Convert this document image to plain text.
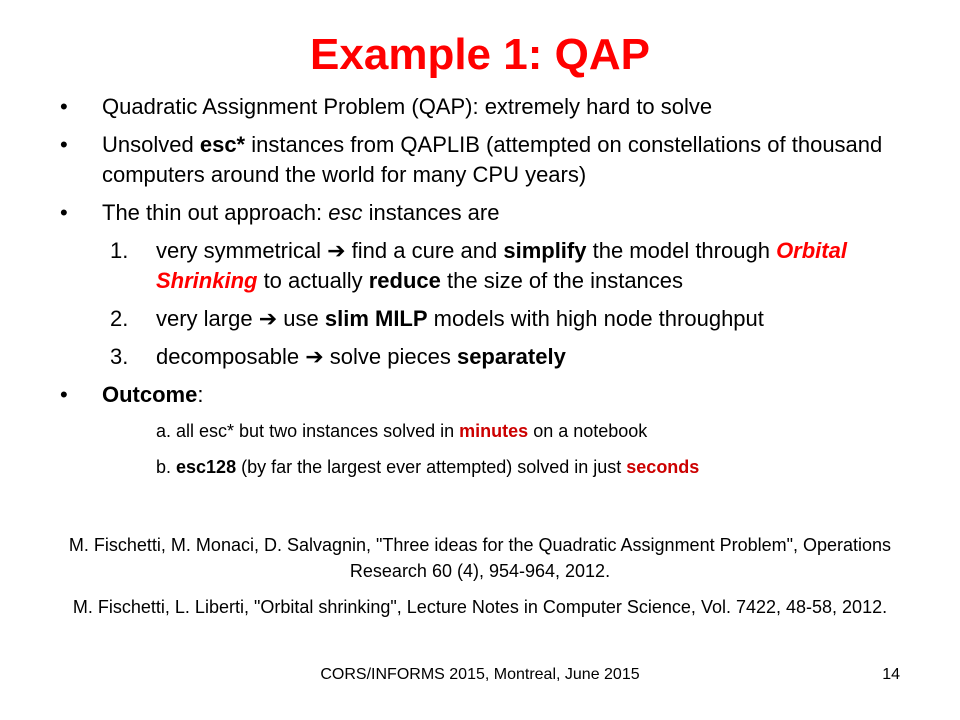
Example 1: QAP
• Quadratic Assignment Problem (QAP): extremely hard to solve
• Unsolved esc* instances from QAPLIB (attempted on constellations of thousand computers around the world for many CPU years)
• The thin out approach: esc instances are
1. very symmetrical ➔ find a cure and simplify the model through Orbital Shrinking to actually reduce the size of the instances
2. very large ➔ use slim MILP models with high node throughput
3. decomposable ➔ solve pieces separately
• Outcome:
a. all esc* but two instances solved in minutes on a notebook
b. esc128 (by far the largest ever attempted) solved in just seconds

M. Fischetti, M. Monaci, D. Salvagnin, "Three ideas for the Quadratic Assignment Problem", Operations Research 60 (4), 954-964, 2012.

M. Fischetti, L. Liberti, "Orbital shrinking", Lecture Notes in Computer Science, Vol. 7422, 48-58, 2012.

CORS/INFORMS 2015, Montreal, June 2015	14
